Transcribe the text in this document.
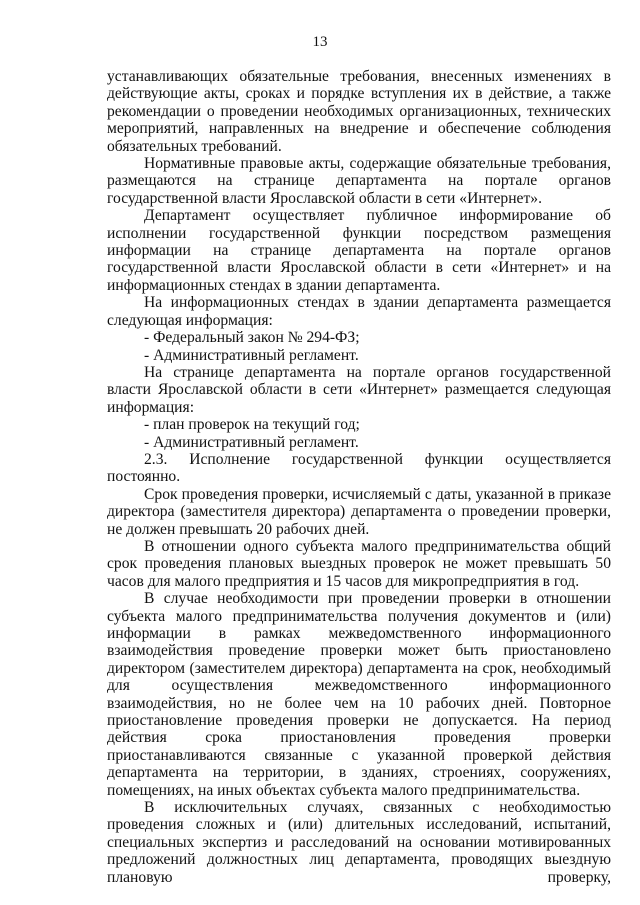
13

устанавливающих обязательные требования, внесенных изменениях в действующие акты, сроках и порядке вступления их в действие, а также рекомендации о проведении необходимых организационных, технических мероприятий, направленных на внедрение и обеспечение соблюдения обязательных требований.

Нормативные правовые акты, содержащие обязательные требования, размещаются на странице департамента на портале органов государственной власти Ярославской области в сети «Интернет».

Департамент осуществляет публичное информирование об исполнении государственной функции посредством размещения информации на странице департамента на портале органов государственной власти Ярославской области в сети «Интернет» и на информационных стендах в здании департамента.

На информационных стендах в здании департамента размещается следующая информация:

- Федеральный закон № 294-ФЗ;

- Административный регламент.

На странице департамента на портале органов государственной власти Ярославской области в сети «Интернет» размещается следующая информация:

- план проверок на текущий год;

- Административный регламент.

2.3. Исполнение государственной функции осуществляется постоянно.

Срок проведения проверки, исчисляемый с даты, указанной в приказе директора (заместителя директора) департамента о проведении проверки, не должен превышать 20 рабочих дней.

В отношении одного субъекта малого предпринимательства общий срок проведения плановых выездных проверок не может превышать 50 часов для малого предприятия и 15 часов для микропредприятия в год.

В случае необходимости при проведении проверки в отношении субъекта малого предпринимательства получения документов и (или) информации в рамках межведомственного информационного взаимодействия проведение проверки может быть приостановлено директором (заместителем директора) департамента на срок, необходимый для осуществления межведомственного информационного взаимодействия, но не более чем на 10 рабочих дней. Повторное приостановление проведения проверки не допускается. На период действия срока приостановления проведения проверки приостанавливаются связанные с указанной проверкой действия департамента на территории, в зданиях, строениях, сооружениях, помещениях, на иных объектах субъекта малого предпринимательства.

В исключительных случаях, связанных с необходимостью проведения сложных и (или) длительных исследований, испытаний, специальных экспертиз и расследований на основании мотивированных предложений должностных лиц департамента, проводящих выездную плановую проверку,
